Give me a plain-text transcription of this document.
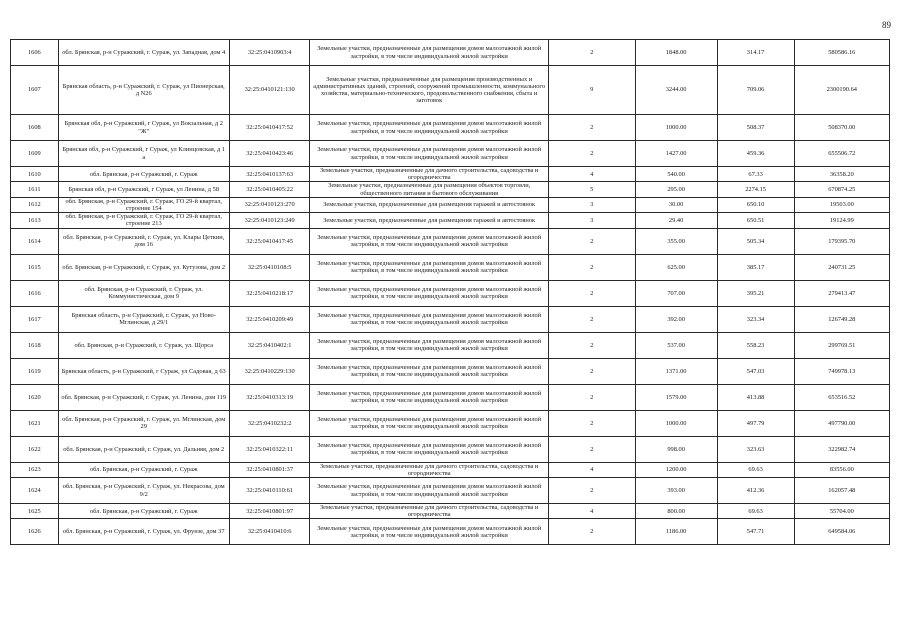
89
1606	обл. Брянская, р-н Суражский, г. Сураж, ул. Западная, дом 4	32:25:0410903:4	Земельные участки, предназначенные для размещения домов малоэтажной жилой застройки, в том числе индивидуальной жилой застройки	2	1848.00	314.17	580586.16
1607	Брянская область, р-н Суражский, г. Сураж, ул Пионерская, д N26	32:25:0410121:130	Земельные участки, предназначенные для размещения производственных и административных зданий, строений, сооружений промышленности, коммунального хозяйства, материально-технического, продовольственного снабжения, сбыта и заготовок	9	3244.00	709.06	2300190.64
1608	Брянская обл, р-н Суражский, г Сураж, ул Вокзальная, д 2 "Ж"	32:25:0410417:52	Земельные участки, предназначенные для размещения домов малоэтажной жилой застройки, в том числе индивидуальной жилой застройки	2	1000.00	508.37	508370.00
1609	Брянская обл, р-н Суражский, г Сураж, ул Клинцовская, д 1 а	32:25:0410423:46	Земельные участки, предназначенные для размещения домов малоэтажной жилой застройки, в том числе индивидуальной жилой застройки	2	1427.00	459.36	655506.72
1610	обл. Брянская, р-н Суражский, г. Сураж	32:25:0410137:63	Земельные участки, предназначенные для дачного строительства, садоводства и огородничества	4	540.00	67.33	36358.20
1611	Брянская обл, р-н Суражский, г Сураж, ул Ленина, д 58	32:25:0410405:22	Земельные участки, предназначенные для размещения объектов торговли, общественного питания и бытового обслуживания	5	295.00	2274.15	670874.25
1612	обл. Брянская, р-н Суражский, г. Сураж, ГО 29-й квартал, строение 154	32:25:0410123:270	Земельные участки, предназначенные для размещения гаражей и автостоянок	3	30.00	650.10	19503.00
1613	обл. Брянская, р-н Суражский, г. Сураж, ГО 29-й квартал, строение 213	32:25:0410123:249	Земельные участки, предназначенные для размещения гаражей и автостоянок	3	29.40	650.51	19124.99
1614	обл. Брянская, р-н Суражский, г. Сураж, ул. Клары Цеткин, дом 16	32:25:0410417:45	Земельные участки, предназначенные для размещения домов малоэтажной жилой застройки, в том числе индивидуальной жилой застройки	2	355.00	505.34	179395.70
1615	обл. Брянская, р-н Суражский, г. Сураж, ул. Кутузова, дом 2	32:25:0410108:5	Земельные участки, предназначенные для размещения домов малоэтажной жилой застройки, в том числе индивидуальной жилой застройки	2	625.00	385.17	240731.25
1616	обл. Брянская, р-н Суражский, г. Сураж, ул. Коммунистическая, дом 9	32:25:0410218:17	Земельные участки, предназначенные для размещения домов малоэтажной жилой застройки, в том числе индивидуальной жилой застройки	2	707.00	395.21	279413.47
1617	Брянская область, р-н Суражский, г. Сураж, ул Ново-Мглинская, д 29/1	32:25:0410209:49	Земельные участки, предназначенные для размещения домов малоэтажной жилой застройки, в том числе индивидуальной жилой застройки	2	392.00	323.34	126749.28
1618	обл. Брянская, р-н Суражский, г. Сураж, ул. Щорса	32:25:0410402:1	Земельные участки, предназначенные для размещения домов малоэтажной жилой застройки, в том числе индивидуальной жилой застройки	2	537.00	558.23	299769.51
1619	Брянская область, р-н Суражский, г Сураж, ул Садовая, д 63	32:25:0410229:130	Земельные участки, предназначенные для размещения домов малоэтажной жилой застройки, в том числе индивидуальной жилой застройки	2	1371.00	547.03	749978.13
1620	обл. Брянская, р-н Суражский, г. Сураж, ул. Ленина, дом 119	32:25:0410313:19	Земельные участки, предназначенные для размещения домов малоэтажной жилой застройки, в том числе индивидуальной жилой застройки	2	1579.00	413.88	653516.52
1621	обл. Брянская, р-н Суражский, г. Сураж, ул. Мглинская, дом 29	32:25:0410232:2	Земельные участки, предназначенные для размещения домов малоэтажной жилой застройки, в том числе индивидуальной жилой застройки	2	1000.00	497.79	497790.00
1622	обл. Брянская, р-н Суражский, г. Сураж, ул. Дальняя, дом 2	32:25:0410322:11	Земельные участки, предназначенные для размещения домов малоэтажной жилой застройки, в том числе индивидуальной жилой застройки	2	998.00	323.63	322982.74
1623	обл. Брянская, р-н Суражский, г. Сураж	32:25:0410801:37	Земельные участки, предназначенные для дачного строительства, садоводства и огородничества	4	1200.00	69.63	83556.00
1624	обл. Брянская, р-н Суражский, г. Сураж, ул. Некрасова, дом 9/2	32:25:0410110:61	Земельные участки, предназначенные для размещения домов малоэтажной жилой застройки, в том числе индивидуальной жилой застройки	2	393.00	412.36	162057.48
1625	обл. Брянская, р-н Суражский, г. Сураж	32:25:0410801:97	Земельные участки, предназначенные для дачного строительства, садоводства и огородничества	4	800.00	69.63	55704.00
1626	обл. Брянская, р-н Суражский, г. Сураж, ул. Фрунзе, дом 37	32:25:0410410:6	Земельные участки, предназначенные для размещения домов малоэтажной жилой застройки, в том числе индивидуальной жилой застройки	2	1186.00	547.71	649584.06
